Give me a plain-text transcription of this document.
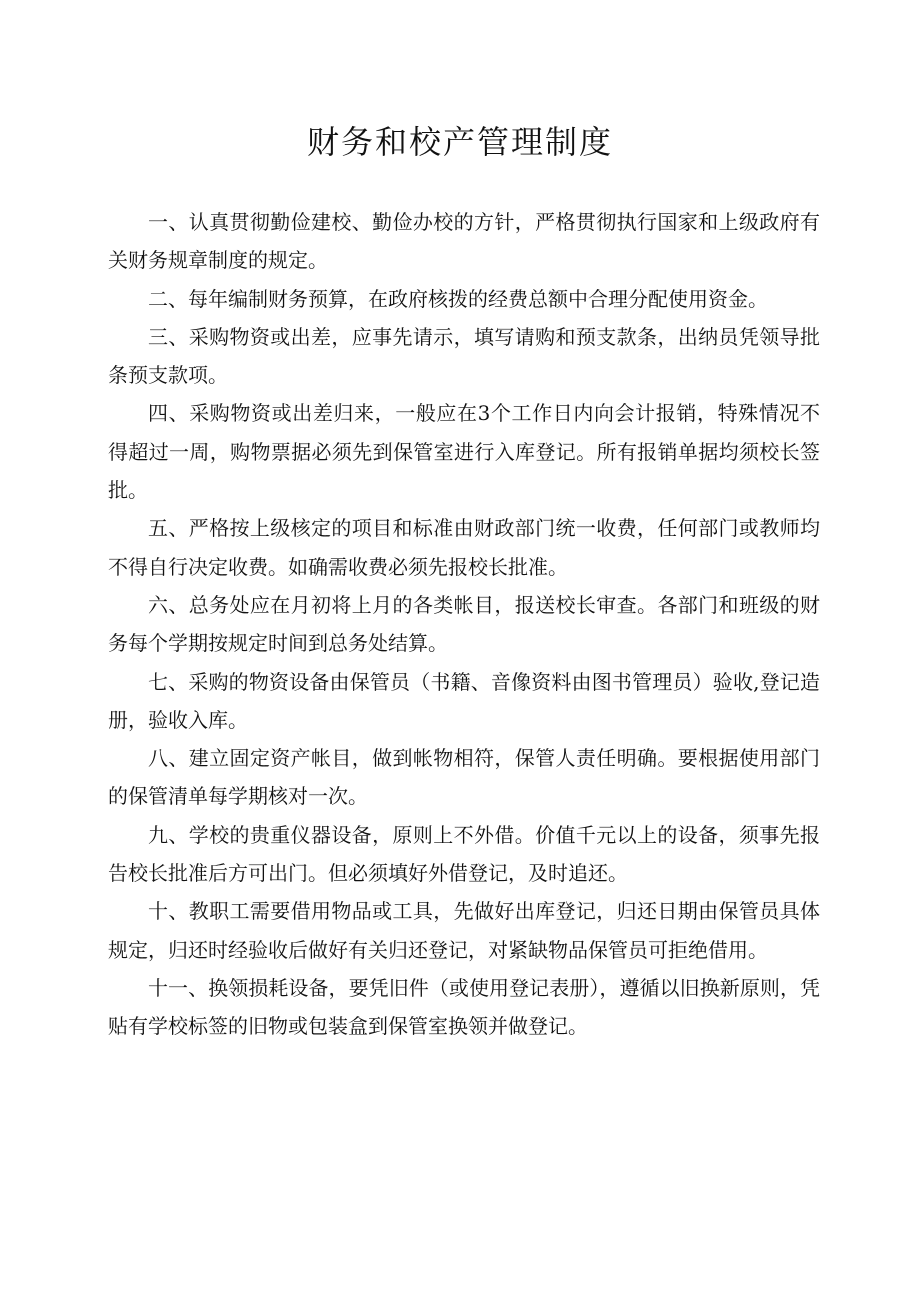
财务和校产管理制度

一、认真贯彻勤俭建校、勤俭办校的方针，严格贯彻执行国家和上级政府有关财务规章制度的规定。

二、每年编制财务预算，在政府核拨的经费总额中合理分配使用资金。

三、采购物资或出差，应事先请示，填写请购和预支款条，出纳员凭领导批条预支款项。

四、采购物资或出差归来，一般应在3个工作日内向会计报销，特殊情况不得超过一周，购物票据必须先到保管室进行入库登记。所有报销单据均须校长签批。

五、严格按上级核定的项目和标准由财政部门统一收费，任何部门或教师均不得自行决定收费。如确需收费必须先报校长批准。

六、总务处应在月初将上月的各类帐目，报送校长审查。各部门和班级的财务每个学期按规定时间到总务处结算。

七、采购的物资设备由保管员（书籍、音像资料由图书管理员）验收,登记造册，验收入库。

八、建立固定资产帐目，做到帐物相符，保管人责任明确。要根据使用部门的保管清单每学期核对一次。

九、学校的贵重仪器设备，原则上不外借。价值千元以上的设备，须事先报告校长批准后方可出门。但必须填好外借登记，及时追还。

十、教职工需要借用物品或工具，先做好出库登记，归还日期由保管员具体规定，归还时经验收后做好有关归还登记，对紧缺物品保管员可拒绝借用。

十一、换领损耗设备，要凭旧件（或使用登记表册），遵循以旧换新原则，凭贴有学校标签的旧物或包装盒到保管室换领并做登记。
